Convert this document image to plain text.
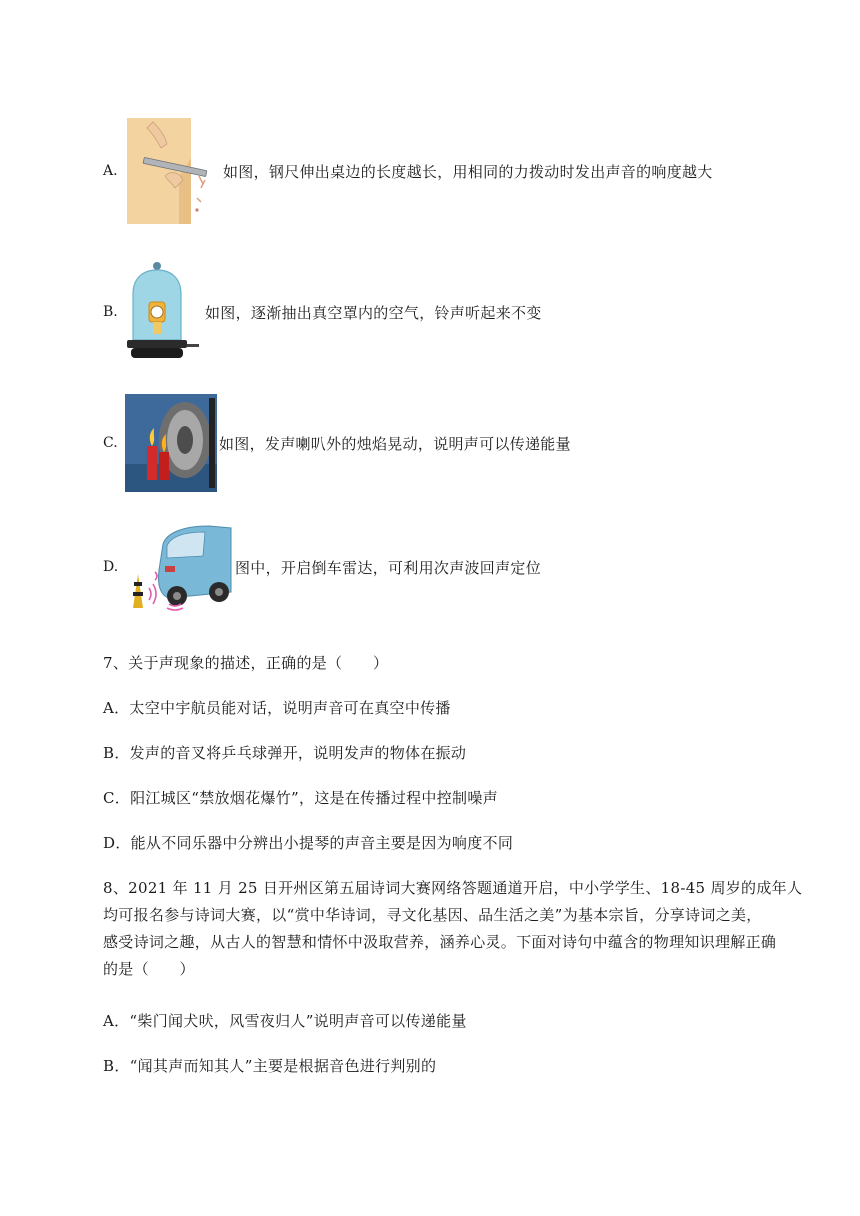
A.	如图，钢尺伸出桌边的长度越长，用相同的力拨动时发出声音的响度越大
B.	如图，逐渐抽出真空罩内的空气，铃声听起来不变
C.	如图，发声喇叭外的烛焰晃动，说明声可以传递能量
D.	图中，开启倒车雷达，可利用次声波回声定位
7、关于声现象的描述，正确的是（　　）
A．太空中宇航员能对话，说明声音可在真空中传播
B．发声的音叉将乒乓球弹开，说明发声的物体在振动
C．阳江城区“禁放烟花爆竹”，这是在传播过程中控制噪声
D．能从不同乐器中分辨出小提琴的声音主要是因为响度不同
8、2021 年 11 月 25 日开州区第五届诗词大赛网络答题通道开启，中小学学生、18-45 周岁的成年人
均可报名参与诗词大赛，以“赏中华诗词，寻文化基因、品生活之美”为基本宗旨，分享诗词之美，
感受诗词之趣，从古人的智慧和情怀中汲取营养，涵养心灵。下面对诗句中蕴含的物理知识理解正确
的是（　　）
A．“柴门闻犬吠，风雪夜归人”说明声音可以传递能量
B．“闻其声而知其人”主要是根据音色进行判别的
